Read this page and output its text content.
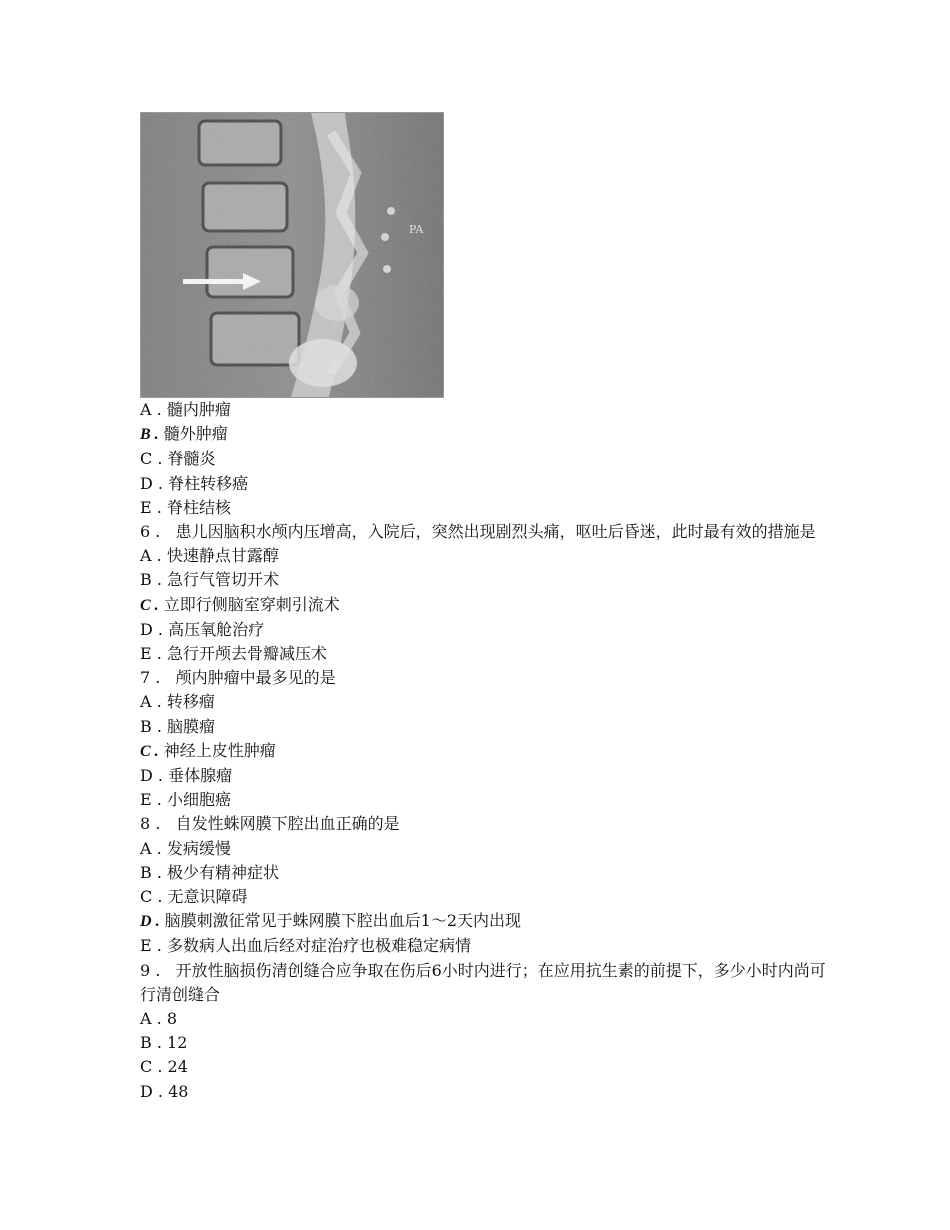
A . 髓内肿瘤
B . 髓外肿瘤
C . 脊髓炎
D . 脊柱转移癌
E . 脊柱结核
6 .   患儿因脑积水颅内压增高，入院后，突然出现剧烈头痛，呕吐后昏迷，此时最有效的措施是
A . 快速静点甘露醇
B . 急行气管切开术
C . 立即行侧脑室穿刺引流术
D . 高压氧舱治疗
E . 急行开颅去骨瓣减压术
7 .   颅内肿瘤中最多见的是
A . 转移瘤
B . 脑膜瘤
C . 神经上皮性肿瘤
D . 垂体腺瘤
E . 小细胞癌
8 .   自发性蛛网膜下腔出血正确的是
A . 发病缓慢
B . 极少有精神症状
C . 无意识障碍
D . 脑膜刺激征常见于蛛网膜下腔出血后1～2天内出现
E . 多数病人出血后经对症治疗也极难稳定病情
9 .   开放性脑损伤清创缝合应争取在伤后6小时内进行；在应用抗生素的前提下，多少小时内尚可行清创缝合
A . 8
B . 12
C . 24
D . 48
